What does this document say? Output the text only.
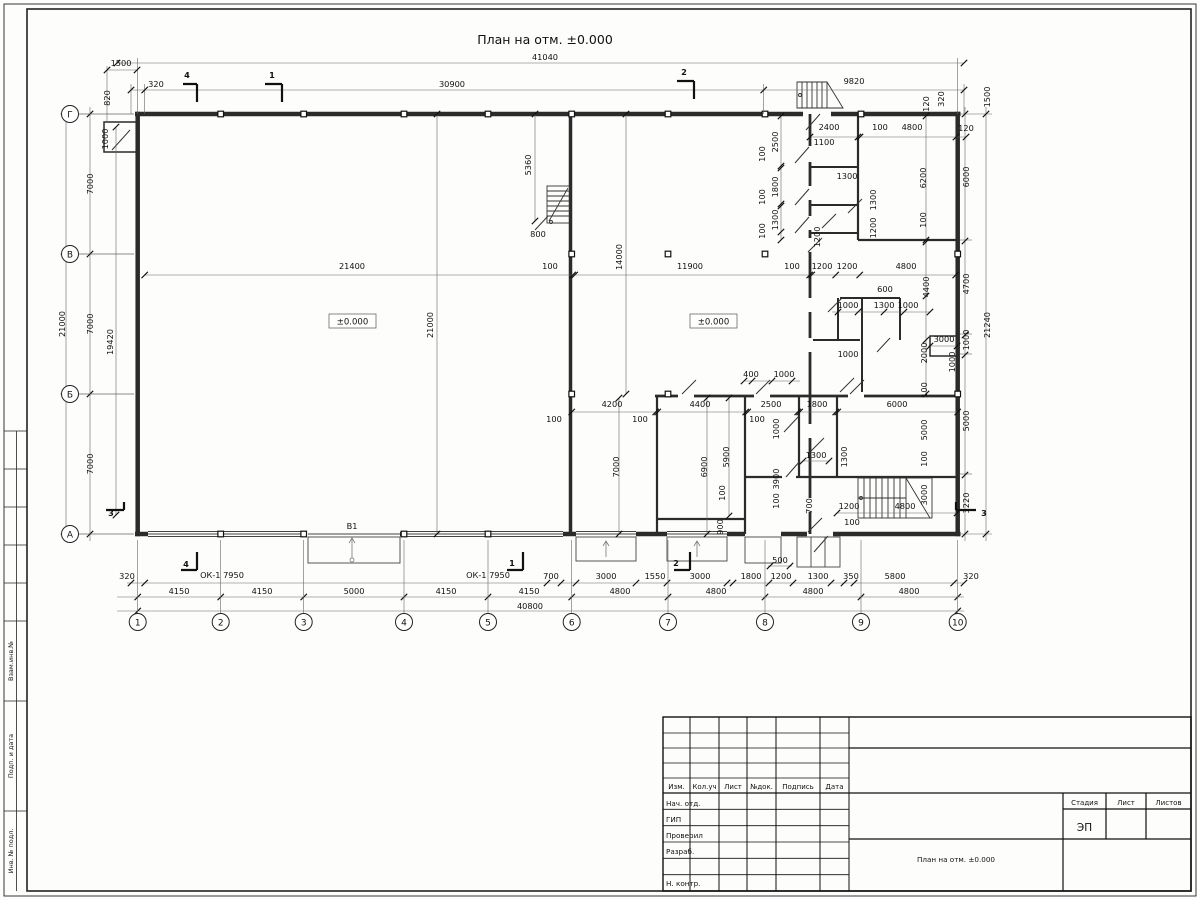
Взам.инв.№
Подп. и дата
Инв. № подл.
План на отм. ±0.000
±0.000	±0.000
ОК-1 7950	ОК-1 7950
В1
41040
320	30900	9820
1500
820
1000
120 320	1500
2400	100 4800	120
1100
1300
2500
100
1800
100
1300
100
6200
1300
1200	100
1200
5360
800
21400	100	14000	11900	100 1200 1200	4800
21000
19420
4400	4700
600
1000 1300 1000
3000
1000	2000
100
1000
1000
7000
7000
7000
21000
6000
5000
3220
21240
400 1000
4200
100
4400
100
2500	1800	6000
100
7000	6900 5900
100
1000
1300 1300
3900
100	700
900
5000
100
3000
1200
100
4800
320	700	3000	1550	3000	1800 1200 1300 350	5800	320
4150	4150	5000	4150	4150	4800	4800	4800	4800
40800
500
4	1	2
4	1	2
3	3
1	2	3	4	5	6	7	8	9	10
Г
В
Б
А
Изм. Кол.уч Лист №док. Подпись Дата
Нач. отд.
ГИП
Проверил
Разраб.
Н. контр.
Стадия	Лист	Листов
ЭП
План на отм. ±0.000
